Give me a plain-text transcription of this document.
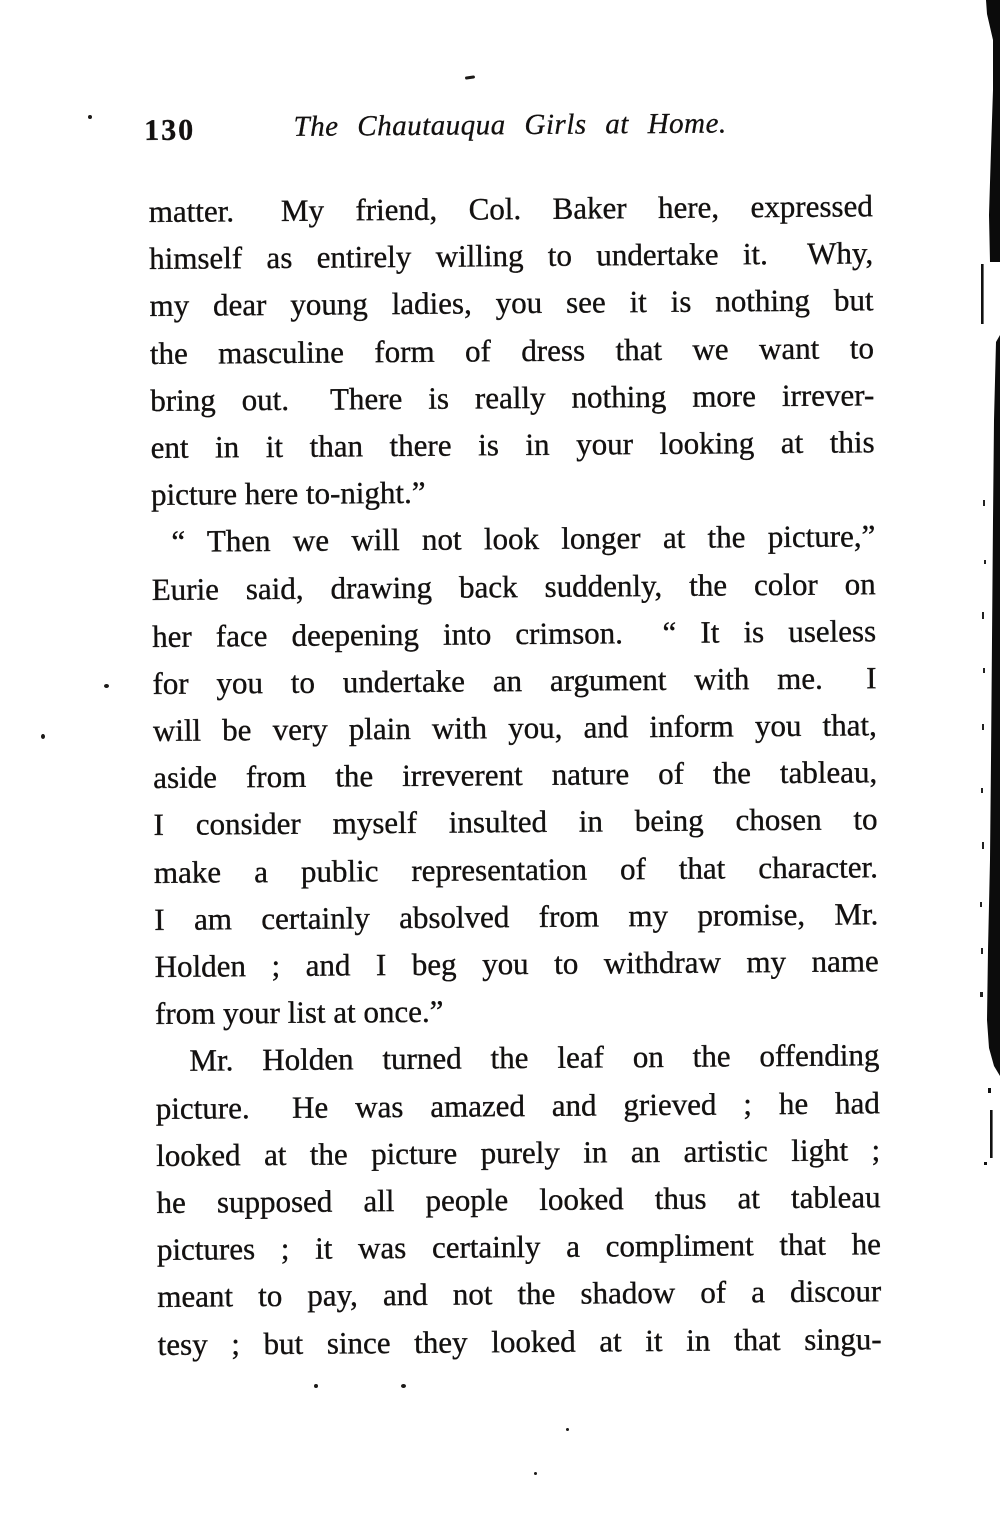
130	The Chautauqua Girls at Home.
matter.  My friend, Col. Baker here, expressed
himself as entirely willing to undertake it.  Why,
my dear young ladies, you see it is nothing but
the masculine form of dress that we want to
bring out.  There is really nothing more irrever-
ent in it than there is in your looking at this
picture here to-night.”
“ Then we will not look longer at the picture,”
Eurie said, drawing back suddenly, the color on
her face deepening into crimson.  “ It is useless
for you to undertake an argument with me.  I
will be very plain with you, and inform you that,
aside from the irreverent nature of the tableau,
I consider myself insulted in being chosen to
make a public representation of that character.
I am certainly absolved from my promise, Mr.
Holden ; and I beg you to withdraw my name
from your list at once.”
Mr. Holden turned the leaf on the offending
picture.  He was amazed and grieved ; he had
looked at the picture purely in an artistic light ;
he supposed all people looked thus at tableau
pictures ; it was certainly a compliment that he
meant to pay, and not the shadow of a discour
tesy ; but since they looked at it in that singu-
